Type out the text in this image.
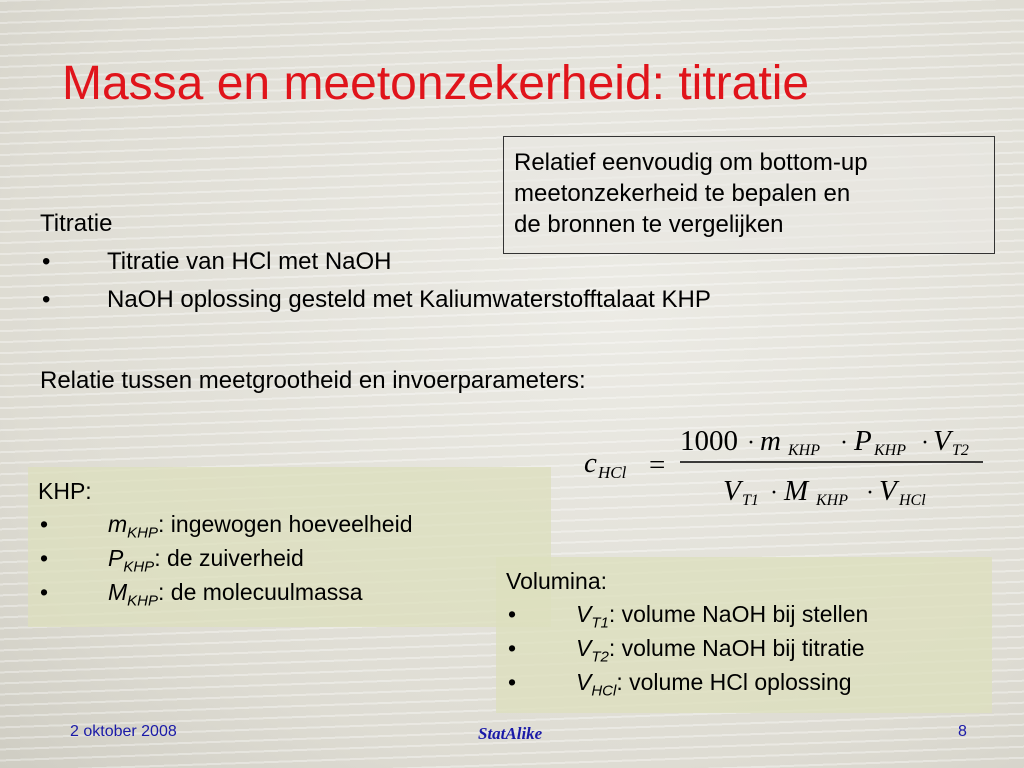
Massa en meetonzekerheid: titratie
Relatief eenvoudig om bottom-up
meetonzekerheid te bepalen en
de bronnen te vergelijken
Titratie
• Titratie van HCl met NaOH
• NaOH oplossing gesteld met Kaliumwaterstofftalaat KHP
Relatie tussen meetgrootheid en invoerparameters:
c HCl =
1000 · m KHP · P KHP · V T2
V T1 · M KHP · V HCl
KHP:
•	$m_{KHP}$: ingewogen hoeveelheid
•	$P_{KHP}$: de zuiverheid
•	$M_{KHP}$: de molecuulmassa	Volumina:
•	$V_{T1}$: volume NaOH bij stellen
•	$V_{T2}$: volume NaOH bij titratie
•	$V_{HCl}$: volume HCl oplossing
2 oktober 2008	StatAlike	8
